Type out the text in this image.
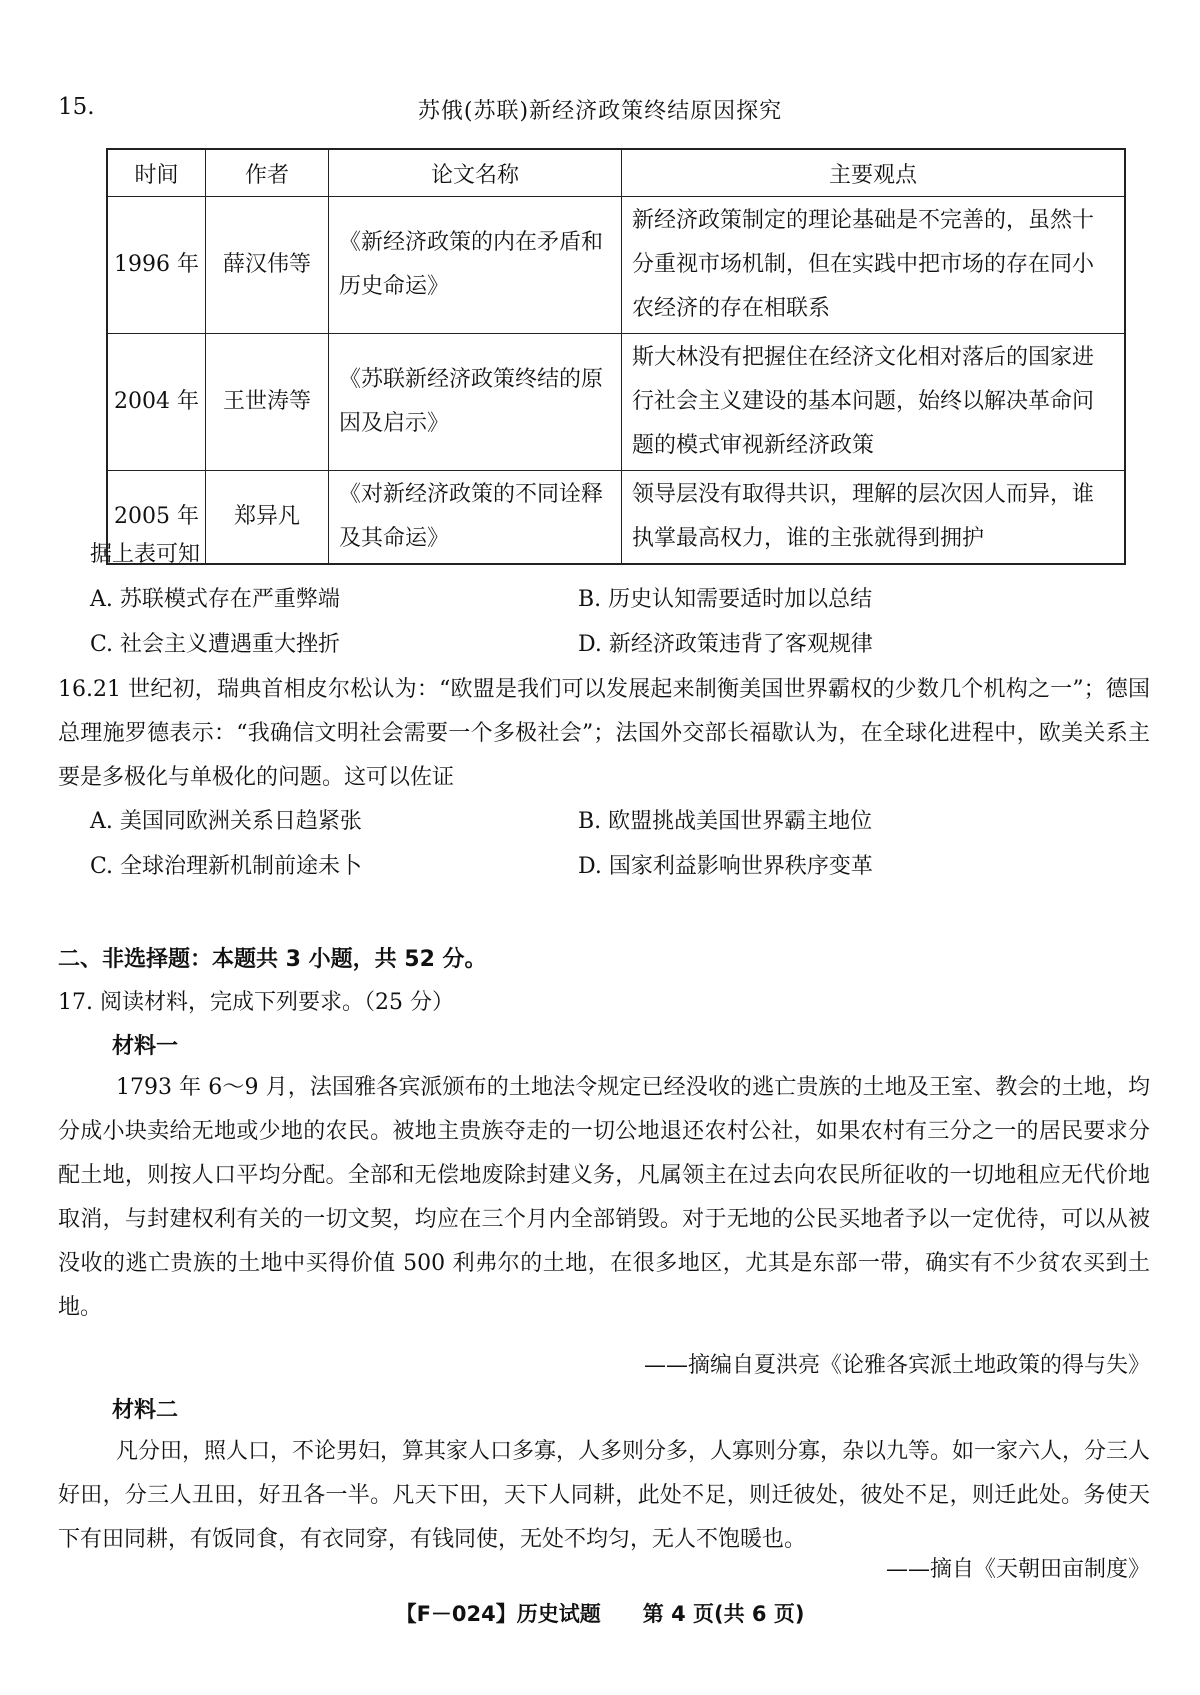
15.	苏俄(苏联)新经济政策终结原因探究
时间	作者	论文名称	主要观点
1996 年	薛汉伟等	《新经济政策的内在矛盾和历史命运》	新经济政策制定的理论基础是不完善的，虽然十分重视市场机制，但在实践中把市场的存在同小农经济的存在相联系
2004 年	王世涛等	《苏联新经济政策终结的原因及启示》	斯大林没有把握住在经济文化相对落后的国家进行社会主义建设的基本问题，始终以解决革命问题的模式审视新经济政策
2005 年	郑异凡	《对新经济政策的不同诠释及其命运》	领导层没有取得共识，理解的层次因人而异，谁执掌最高权力，谁的主张就得到拥护
据上表可知
A. 苏联模式存在严重弊端	B. 历史认知需要适时加以总结
C. 社会主义遭遇重大挫折	D. 新经济政策违背了客观规律
16.21 世纪初，瑞典首相皮尔松认为：“欧盟是我们可以发展起来制衡美国世界霸权的少数几个机构之一”；德国总理施罗德表示：“我确信文明社会需要一个多极社会”；法国外交部长福歇认为，在全球化进程中，欧美关系主要是多极化与单极化的问题。这可以佐证
A. 美国同欧洲关系日趋紧张	B. 欧盟挑战美国世界霸主地位
C. 全球治理新机制前途未卜	D. 国家利益影响世界秩序变革
二、非选择题：本题共 3 小题，共 52 分。
17. 阅读材料，完成下列要求。（25 分）
材料一
1793 年 6～9 月，法国雅各宾派颁布的土地法令规定已经没收的逃亡贵族的土地及王室、教会的土地，均分成小块卖给无地或少地的农民。被地主贵族夺走的一切公地退还农村公社，如果农村有三分之一的居民要求分配土地，则按人口平均分配。全部和无偿地废除封建义务，凡属领主在过去向农民所征收的一切地租应无代价地取消，与封建权利有关的一切文契，均应在三个月内全部销毁。对于无地的公民买地者予以一定优待，可以从被没收的逃亡贵族的土地中买得价值 500 利弗尔的土地，在很多地区，尤其是东部一带，确实有不少贫农买到土地。
——摘编自夏洪亮《论雅各宾派土地政策的得与失》
材料二
凡分田，照人口，不论男妇，算其家人口多寡，人多则分多，人寡则分寡，杂以九等。如一家六人，分三人好田，分三人丑田，好丑各一半。凡天下田，天下人同耕，此处不足，则迁彼处，彼处不足，则迁此处。务使天下有田同耕，有饭同食，有衣同穿，有钱同使，无处不均匀，无人不饱暖也。
——摘自《天朝田亩制度》
【F－024】历史试题　　第 4 页(共 6 页)
